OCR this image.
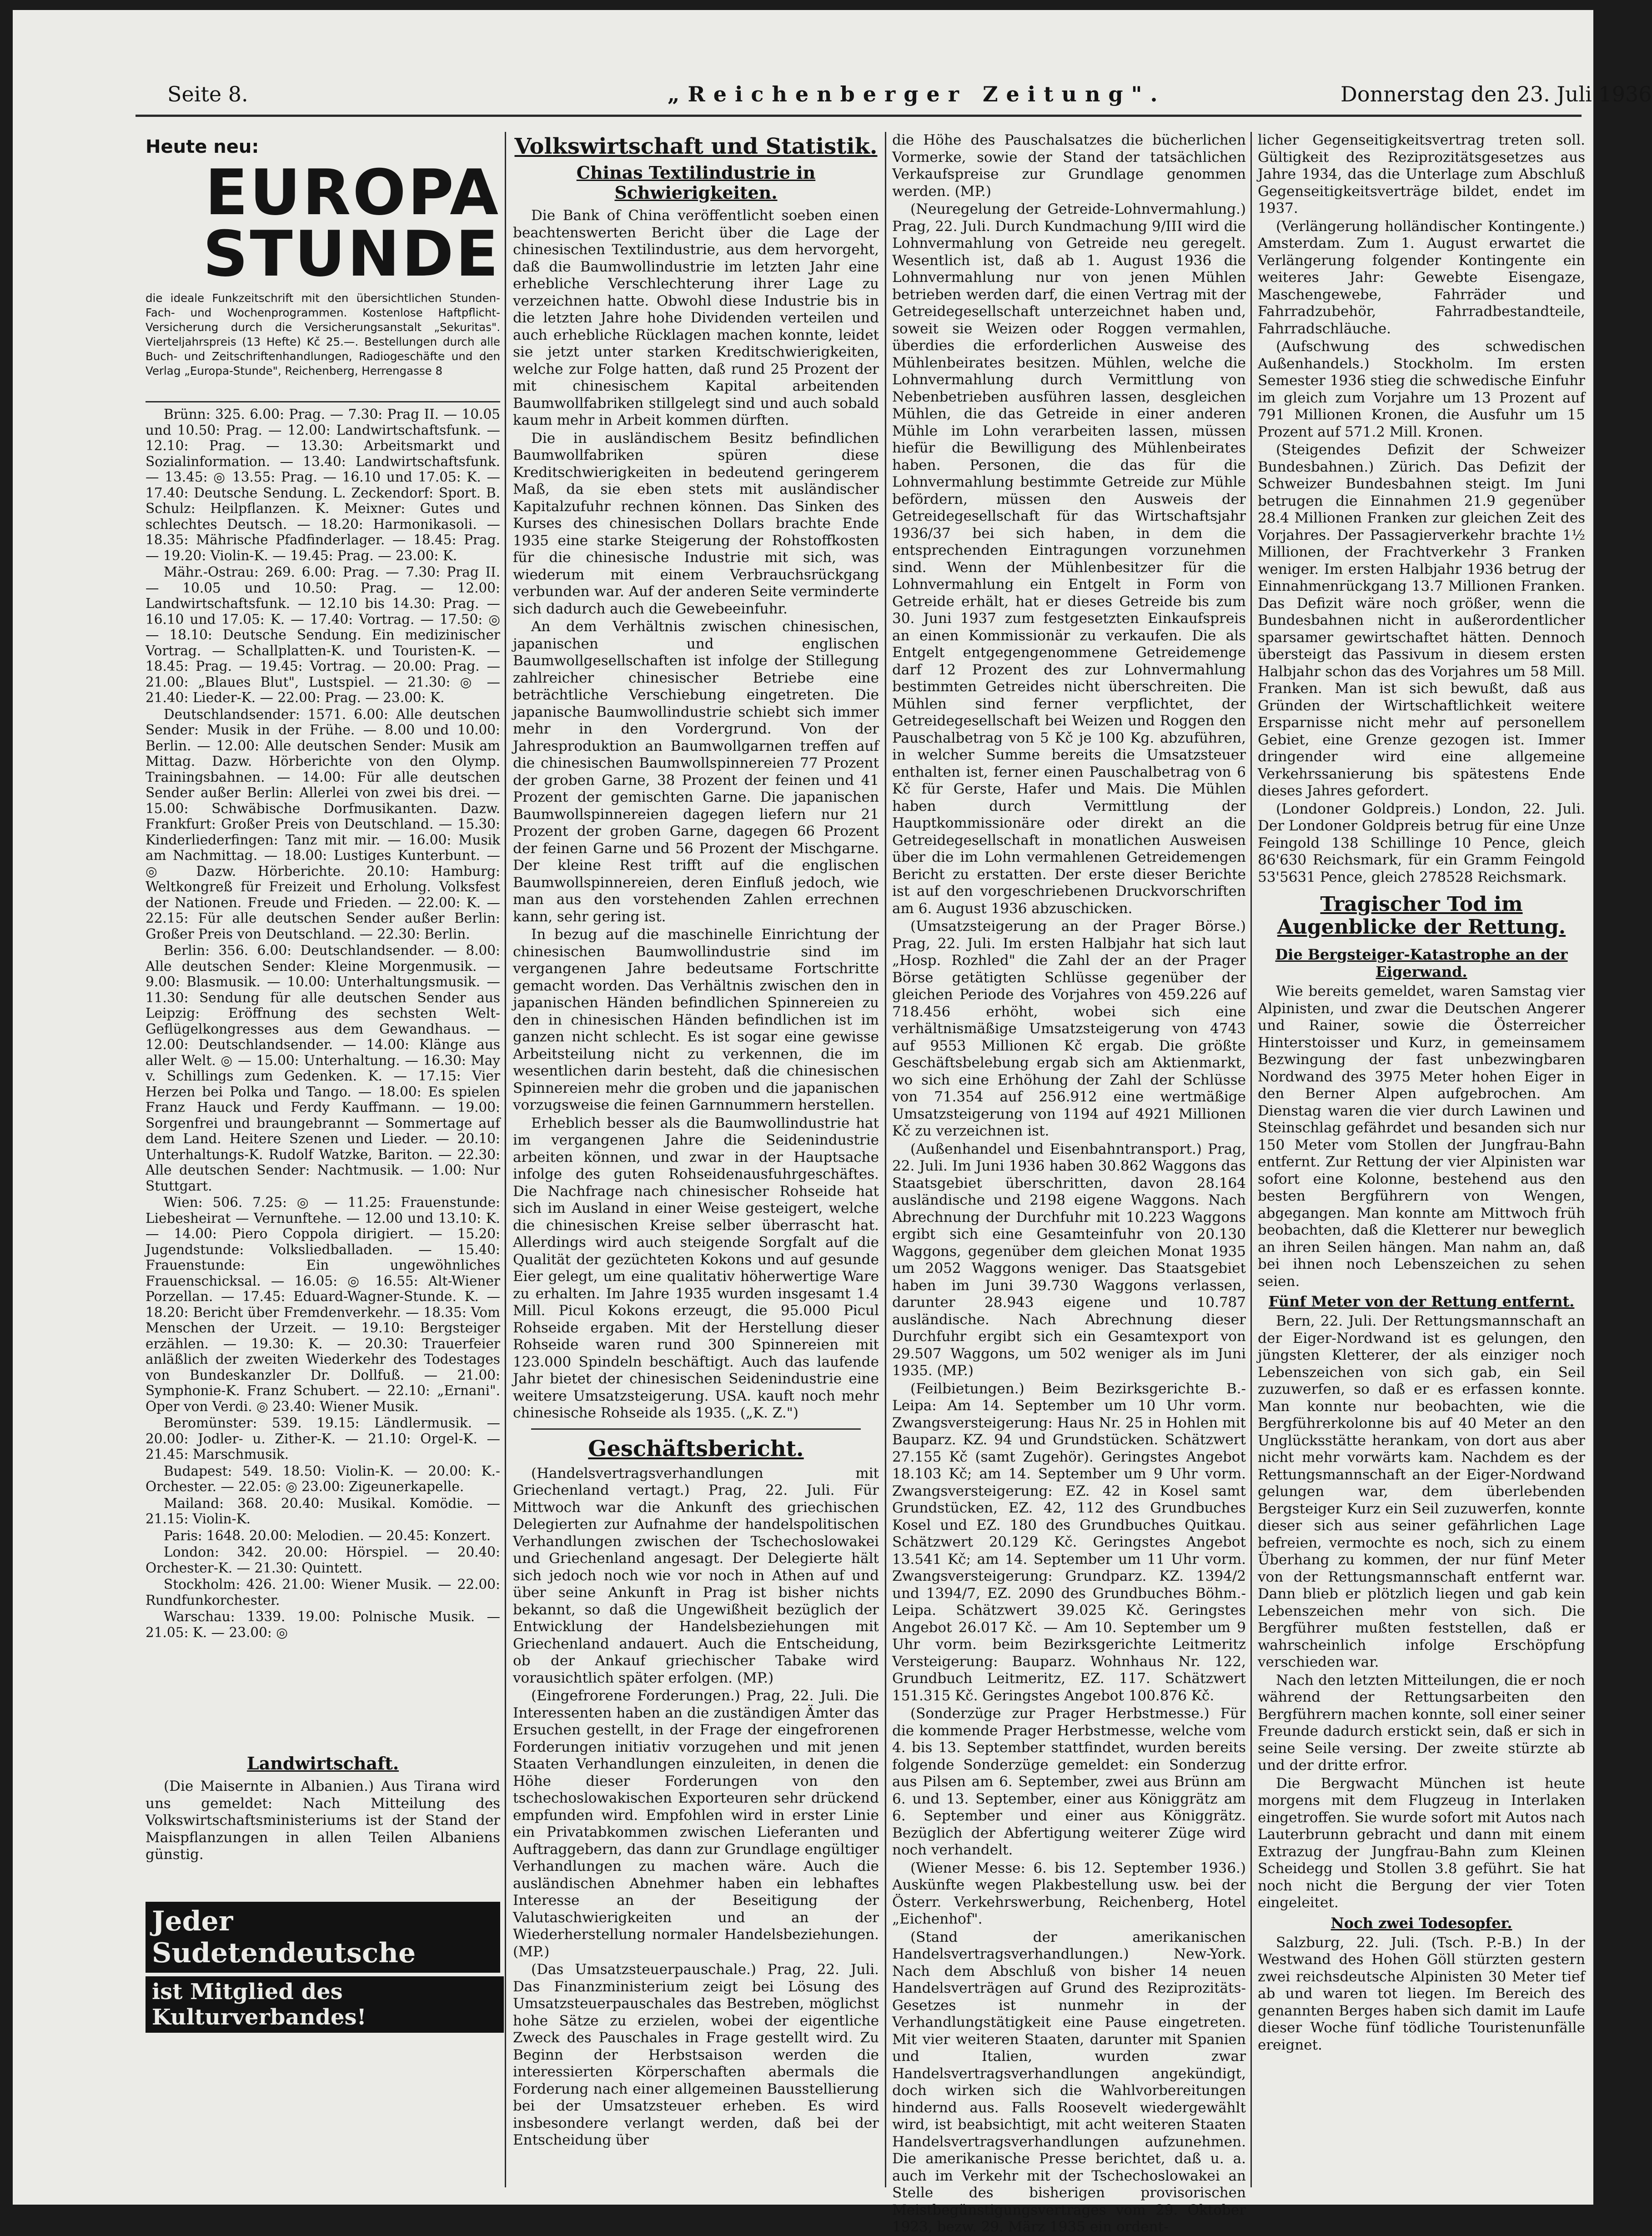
Seite 8.	„Reichenberger Zeitung".	Donnerstag den 23. Juli 1936
Heute neu:
EUROPA
STUNDE
die ideale Funkzeitschrift mit den übersichtlichen Stunden-Fach- und Wochenprogrammen. Kostenlose Haftpflicht-Versicherung durch die Versicherungsanstalt „Sekuritas". Vierteljahrspreis (13 Hefte) Kč 25.—. Bestellungen durch alle Buch- und Zeitschriftenhandlungen, Radiogeschäfte und den Verlag „Europa-Stunde", Reichenberg, Herrengasse 8

Brünn: 325. 6.00: Prag. — 7.30: Prag II. — 10.05 und 10.50: Prag. — 12.00: Landwirtschaftsfunk. — 12.10: Prag. — 13.30: Arbeitsmarkt und Sozialinformation. — 13.40: Landwirtschaftsfunk. — 13.45: ◎ 13.55: Prag. — 16.10 und 17.05: K. — 17.40: Deutsche Sendung. L. Zeckendorf: Sport. B. Schulz: Heilpflanzen. K. Meixner: Gutes und schlechtes Deutsch. — 18.20: Harmonikasoli. — 18.35: Mährische Pfadfinderlager. — 18.45: Prag. — 19.20: Violin-K. — 19.45: Prag. — 23.00: K.

Mähr.-Ostrau: 269. 6.00: Prag. — 7.30: Prag II. — 10.05 und 10.50: Prag. — 12.00: Landwirtschaftsfunk. — 12.10 bis 14.30: Prag. — 16.10 und 17.05: K. — 17.40: Vortrag. — 17.50: ◎ — 18.10: Deutsche Sendung. Ein medizinischer Vortrag. — Schallplatten-K. und Touristen-K. — 18.45: Prag. — 19.45: Vortrag. — 20.00: Prag. — 21.00: „Blaues Blut", Lustspiel. — 21.30: ◎ — 21.40: Lieder-K. — 22.00: Prag. — 23.00: K.

Deutschlandsender: 1571. 6.00: Alle deutschen Sender: Musik in der Frühe. — 8.00 und 10.00: Berlin. — 12.00: Alle deutschen Sender: Musik am Mittag. Dazw. Hörberichte von den Olymp. Trainingsbahnen. — 14.00: Für alle deutschen Sender außer Berlin: Allerlei von zwei bis drei. — 15.00: Schwäbische Dorfmusikanten. Dazw. Frankfurt: Großer Preis von Deutschland. — 15.30: Kinderliederfingen: Tanz mit mir. — 16.00: Musik am Nachmittag. — 18.00: Lustiges Kunterbunt. — ◎ Dazw. Hörberichte. 20.10: Hamburg: Weltkongreß für Freizeit und Erholung. Volksfest der Nationen. Freude und Frieden. — 22.00: K. — 22.15: Für alle deutschen Sender außer Berlin: Großer Preis von Deutschland. — 22.30: Berlin.

Berlin: 356. 6.00: Deutschlandsender. — 8.00: Alle deutschen Sender: Kleine Morgenmusik. — 9.00: Blasmusik. — 10.00: Unterhaltungsmusik. — 11.30: Sendung für alle deutschen Sender aus Leipzig: Eröffnung des sechsten Welt-Geflügelkongresses aus dem Gewandhaus. — 12.00: Deutschlandsender. — 14.00: Klänge aus aller Welt. ◎ — 15.00: Unterhaltung. — 16.30: May v. Schillings zum Gedenken. K. — 17.15: Vier Herzen bei Polka und Tango. — 18.00: Es spielen Franz Hauck und Ferdy Kauffmann. — 19.00: Sorgenfrei und braungebrannt — Sommertage auf dem Land. Heitere Szenen und Lieder. — 20.10: Unterhaltungs-K. Rudolf Watzke, Bariton. — 22.30: Alle deutschen Sender: Nachtmusik. — 1.00: Nur Stuttgart.

Wien: 506. 7.25: ◎ — 11.25: Frauenstunde: Liebesheirat — Vernunftehe. — 12.00 und 13.10: K. — 14.00: Piero Coppola dirigiert. — 15.20: Jugendstunde: Volksliedballaden. — 15.40: Frauenstunde: Ein ungewöhnliches Frauenschicksal. — 16.05: ◎ 16.55: Alt-Wiener Porzellan. — 17.45: Eduard-Wagner-Stunde. K. — 18.20: Bericht über Fremdenverkehr. — 18.35: Vom Menschen der Urzeit. — 19.10: Bergsteiger erzählen. — 19.30: K. — 20.30: Trauerfeier anläßlich der zweiten Wiederkehr des Todestages von Bundeskanzler Dr. Dollfuß. — 21.00: Symphonie-K. Franz Schubert. — 22.10: „Ernani". Oper von Verdi. ◎ 23.40: Wiener Musik.

Beromünster: 539. 19.15: Ländlermusik. — 20.00: Jodler- u. Zither-K. — 21.10: Orgel-K. — 21.45: Marschmusik.

Budapest: 549. 18.50: Violin-K. — 20.00: K.-Orchester. — 22.05: ◎ 23.00: Zigeunerkapelle.

Mailand: 368. 20.40: Musikal. Komödie. — 21.15: Violin-K.

Paris: 1648. 20.00: Melodien. — 20.45: Konzert.

London: 342. 20.00: Hörspiel. — 20.40: Orchester-K. — 21.30: Quintett.

Stockholm: 426. 21.00: Wiener Musik. — 22.00: Rundfunkorchester.

Warschau: 1339. 19.00: Polnische Musik. — 21.05: K. — 23.00: ◎

Landwirtschaft.

(Die Maisernte in Albanien.) Aus Tirana wird uns gemeldet: Nach Mitteilung des Volkswirtschaftsministeriums ist der Stand der Maispflanzungen in allen Teilen Albaniens günstig.

Jeder Sudetendeutsche
ist Mitglied des Kulturverbandes!
Volkswirtschaft und Statistik.
Chinas Textilindustrie in Schwierigkeiten.

Die Bank of China veröffentlicht soeben einen beachtenswerten Bericht über die Lage der chinesischen Textilindustrie, aus dem hervorgeht, daß die Baumwollindustrie im letzten Jahr eine erhebliche Verschlechterung ihrer Lage zu verzeichnen hatte. Obwohl diese Industrie bis in die letzten Jahre hohe Dividenden verteilen und auch erhebliche Rücklagen machen konnte, leidet sie jetzt unter starken Kreditschwierigkeiten, welche zur Folge hatten, daß rund 25 Prozent der mit chinesischem Kapital arbeitenden Baumwollfabriken stillgelegt sind und auch sobald kaum mehr in Arbeit kommen dürften.

Die in ausländischem Besitz befindlichen Baumwollfabriken spüren diese Kreditschwierigkeiten in bedeutend geringerem Maß, da sie eben stets mit ausländischer Kapitalzufuhr rechnen können. Das Sinken des Kurses des chinesischen Dollars brachte Ende 1935 eine starke Steigerung der Rohstoffkosten für die chinesische Industrie mit sich, was wiederum mit einem Verbrauchsrückgang verbunden war. Auf der anderen Seite verminderte sich dadurch auch die Gewebeeinfuhr.

An dem Verhältnis zwischen chinesischen, japanischen und englischen Baumwollgesellschaften ist infolge der Stillegung zahlreicher chinesischer Betriebe eine beträchtliche Verschiebung eingetreten. Die japanische Baumwollindustrie schiebt sich immer mehr in den Vordergrund. Von der Jahresproduktion an Baumwollgarnen treffen auf die chinesischen Baumwollspinnereien 77 Prozent der groben Garne, 38 Prozent der feinen und 41 Prozent der gemischten Garne. Die japanischen Baumwollspinnereien dagegen liefern nur 21 Prozent der groben Garne, dagegen 66 Prozent der feinen Garne und 56 Prozent der Mischgarne. Der kleine Rest trifft auf die englischen Baumwollspinnereien, deren Einfluß jedoch, wie man aus den vorstehenden Zahlen errechnen kann, sehr gering ist.

In bezug auf die maschinelle Einrichtung der chinesischen Baumwollindustrie sind im vergangenen Jahre bedeutsame Fortschritte gemacht worden. Das Verhältnis zwischen den in japanischen Händen befindlichen Spinnereien zu den in chinesischen Händen befindlichen ist im ganzen nicht schlecht. Es ist sogar eine gewisse Arbeitsteilung nicht zu verkennen, die im wesentlichen darin besteht, daß die chinesischen Spinnereien mehr die groben und die japanischen vorzugsweise die feinen Garnnummern herstellen.

Erheblich besser als die Baumwollindustrie hat im vergangenen Jahre die Seidenindustrie arbeiten können, und zwar in der Hauptsache infolge des guten Rohseidenausfuhrgeschäftes. Die Nachfrage nach chinesischer Rohseide hat sich im Ausland in einer Weise gesteigert, welche die chinesischen Kreise selber überrascht hat. Allerdings wird auch steigende Sorgfalt auf die Qualität der gezüchteten Kokons und auf gesunde Eier gelegt, um eine qualitativ höherwertige Ware zu erhalten. Im Jahre 1935 wurden insgesamt 1.4 Mill. Picul Kokons erzeugt, die 95.000 Picul Rohseide ergaben. Mit der Herstellung dieser Rohseide waren rund 300 Spinnereien mit 123.000 Spindeln beschäftigt. Auch das laufende Jahr bietet der chinesischen Seidenindustrie eine weitere Umsatzsteigerung. USA. kauft noch mehr chinesische Rohseide als 1935. („K. Z.")

Geschäftsbericht.

(Handelsvertragsverhandlungen mit Griechenland vertagt.) Prag, 22. Juli. Für Mittwoch war die Ankunft des griechischen Delegierten zur Aufnahme der handelspolitischen Verhandlungen zwischen der Tschechoslowakei und Griechenland angesagt. Der Delegierte hält sich jedoch noch wie vor noch in Athen auf und über seine Ankunft in Prag ist bisher nichts bekannt, so daß die Ungewißheit bezüglich der Entwicklung der Handelsbeziehungen mit Griechenland andauert. Auch die Entscheidung, ob der Ankauf griechischer Tabake wird vorausichtlich später erfolgen. (MP.)

(Eingefrorene Forderungen.) Prag, 22. Juli. Die Interessenten haben an die zuständigen Ämter das Ersuchen gestellt, in der Frage der eingefrorenen Forderungen initiativ vorzugehen und mit jenen Staaten Verhandlungen einzuleiten, in denen die Höhe dieser Forderungen von den tschechoslowakischen Exporteuren sehr drückend empfunden wird. Empfohlen wird in erster Linie ein Privatabkommen zwischen Lieferanten und Auftraggebern, das dann zur Grundlage engültiger Verhandlungen zu machen wäre. Auch die ausländischen Abnehmer haben ein lebhaftes Interesse an der Beseitigung der Valutaschwierigkeiten und an der Wiederherstellung normaler Handelsbeziehungen. (MP.)

(Das Umsatzsteuerpauschale.) Prag, 22. Juli. Das Finanzministerium zeigt bei Lösung des Umsatzsteuerpauschales das Bestreben, möglichst hohe Sätze zu erzielen, wobei der eigentliche Zweck des Pauschales in Frage gestellt wird. Zu Beginn der Herbstsaison werden die interessierten Körperschaften abermals die Forderung nach einer allgemeinen Bausstellierung bei der Umsatzsteuer erheben. Es wird insbesondere verlangt werden, daß bei der Entscheidung über

die Höhe des Pauschalsatzes die bücherlichen Vormerke, sowie der Stand der tatsächlichen Verkaufspreise zur Grundlage genommen werden. (MP.)

(Neuregelung der Getreide-Lohnvermahlung.) Prag, 22. Juli. Durch Kundmachung 9/III wird die Lohnvermahlung von Getreide neu geregelt. Wesentlich ist, daß ab 1. August 1936 die Lohnvermahlung nur von jenen Mühlen betrieben werden darf, die einen Vertrag mit der Getreidegesellschaft unterzeichnet haben und, soweit sie Weizen oder Roggen vermahlen, überdies die erforderlichen Ausweise des Mühlenbeirates besitzen. Mühlen, welche die Lohnvermahlung durch Vermittlung von Nebenbetrieben ausführen lassen, desgleichen Mühlen, die das Getreide in einer anderen Mühle im Lohn verarbeiten lassen, müssen hiefür die Bewilligung des Mühlenbeirates haben. Personen, die das für die Lohnvermahlung bestimmte Getreide zur Mühle befördern, müssen den Ausweis der Getreidegesellschaft für das Wirtschaftsjahr 1936/37 bei sich haben, in dem die entsprechenden Eintragungen vorzunehmen sind. Wenn der Mühlenbesitzer für die Lohnvermahlung ein Entgelt in Form von Getreide erhält, hat er dieses Getreide bis zum 30. Juni 1937 zum festgesetzten Einkaufspreis an einen Kommissionär zu verkaufen. Die als Entgelt entgegengenommene Getreidemenge darf 12 Prozent des zur Lohnvermahlung bestimmten Getreides nicht überschreiten. Die Mühlen sind ferner verpflichtet, der Getreidegesellschaft bei Weizen und Roggen den Pauschalbetrag von 5 Kč je 100 Kg. abzuführen, in welcher Summe bereits die Umsatzsteuer enthalten ist, ferner einen Pauschalbetrag von 6 Kč für Gerste, Hafer und Mais. Die Mühlen haben durch Vermittlung der Hauptkommissionäre oder direkt an die Getreidegesellschaft in monatlichen Ausweisen über die im Lohn vermahlenen Getreidemengen Bericht zu erstatten. Der erste dieser Berichte ist auf den vorgeschriebenen Druckvorschriften am 6. August 1936 abzuschicken.

(Umsatzsteigerung an der Prager Börse.) Prag, 22. Juli. Im ersten Halbjahr hat sich laut „Hosp. Rozhled" die Zahl der an der Prager Börse getätigten Schlüsse gegenüber der gleichen Periode des Vorjahres von 459.226 auf 718.456 erhöht, wobei sich eine verhältnismäßige Umsatzsteigerung von 4743 auf 9553 Millionen Kč ergab. Die größte Geschäftsbelebung ergab sich am Aktienmarkt, wo sich eine Erhöhung der Zahl der Schlüsse von 71.354 auf 256.912 eine wertmäßige Umsatzsteigerung von 1194 auf 4921 Millionen Kč zu verzeichnen ist.

(Außenhandel und Eisenbahntransport.) Prag, 22. Juli. Im Juni 1936 haben 30.862 Waggons das Staatsgebiet überschritten, davon 28.164 ausländische und 2198 eigene Waggons. Nach Abrechnung der Durchfuhr mit 10.223 Waggons ergibt sich eine Gesamteinfuhr von 20.130 Waggons, gegenüber dem gleichen Monat 1935 um 2052 Waggons weniger. Das Staatsgebiet haben im Juni 39.730 Waggons verlassen, darunter 28.943 eigene und 10.787 ausländische. Nach Abrechnung dieser Durchfuhr ergibt sich ein Gesamtexport von 29.507 Waggons, um 502 weniger als im Juni 1935. (MP.)

(Feilbietungen.) Beim Bezirksgerichte B.-Leipa: Am 14. September um 10 Uhr vorm. Zwangsversteigerung: Haus Nr. 25 in Hohlen mit Bauparz. KZ. 94 und Grundstücken. Schätzwert 27.155 Kč (samt Zugehör). Geringstes Angebot 18.103 Kč; am 14. September um 9 Uhr vorm. Zwangsversteigerung: EZ. 42 in Kosel samt Grundstücken, EZ. 42, 112 des Grundbuches Kosel und EZ. 180 des Grundbuches Quitkau. Schätzwert 20.129 Kč. Geringstes Angebot 13.541 Kč; am 14. September um 11 Uhr vorm. Zwangsversteigerung: Grundparz. KZ. 1394/2 und 1394/7, EZ. 2090 des Grundbuches Böhm.-Leipa. Schätzwert 39.025 Kč. Geringstes Angebot 26.017 Kč. — Am 10. September um 9 Uhr vorm. beim Bezirksgerichte Leitmeritz Versteigerung: Bauparz. Wohnhaus Nr. 122, Grundbuch Leitmeritz, EZ. 117. Schätzwert 151.315 Kč. Geringstes Angebot 100.876 Kč.

(Sonderzüge zur Prager Herbstmesse.) Für die kommende Prager Herbstmesse, welche vom 4. bis 13. September stattfindet, wurden bereits folgende Sonderzüge gemeldet: ein Sonderzug aus Pilsen am 6. September, zwei aus Brünn am 6. und 13. September, einer aus Königgrätz am 6. September und einer aus Königgrätz. Bezüglich der Abfertigung weiterer Züge wird noch verhandelt.

(Wiener Messe: 6. bis 12. September 1936.) Auskünfte wegen Plakbestellung usw. bei der Österr. Verkehrswerbung, Reichenberg, Hotel „Eichenhof".

(Stand der amerikanischen Handelsvertragsverhandlungen.) New-York. Nach dem Abschluß von bisher 14 neuen Handelsverträgen auf Grund des Reziprozitäts-Gesetzes ist nunmehr in der Verhandlungstätigkeit eine Pause eingetreten. Mit vier weiteren Staaten, darunter mit Spanien und Italien, wurden zwar Handelsvertragsverhandlungen angekündigt, doch wirken sich die Wahlvorbereitungen hindernd aus. Falls Roosevelt wiedergewählt wird, ist beabsichtigt, mit acht weiteren Staaten Handelsvertragsverhandlungen aufzunehmen. Die amerikanische Presse berichtet, daß u. a. auch im Verkehr mit der Tschechoslowakei an Stelle des bisherigen provisorischen Meistbegünstigungsvertrages vom 29. Oktober 1923, bezw. 29. März 1935 ein ordent-

licher Gegenseitigkeitsvertrag treten soll. Gültigkeit des Reziprozitätsgesetzes aus Jahre 1934, das die Unterlage zum Abschluß Gegenseitigkeitsverträge bildet, endet im 1937.

(Verlängerung holländischer Kontingente.) Amsterdam. Zum 1. August erwartet die Verlängerung folgender Kontingente ein weiteres Jahr: Gewebte Eisengaze, Maschengewebe, Fahrräder und Fahrradzubehör, Fahrradbestandteile, Fahrradschläuche.

(Aufschwung des schwedischen Außenhandels.) Stockholm. Im ersten Semester 1936 stieg die schwedische Einfuhr im gleich zum Vorjahre um 13 Prozent auf 791 Millionen Kronen, die Ausfuhr um 15 Prozent auf 571.2 Mill. Kronen.

(Steigendes Defizit der Schweizer Bundesbahnen.) Zürich. Das Defizit der Schweizer Bundesbahnen steigt. Im Juni betrugen die Einnahmen 21.9 gegenüber 28.4 Millionen Franken zur gleichen Zeit des Vorjahres. Der Passagierverkehr brachte 1½ Millionen, der Frachtverkehr 3 Franken weniger. Im ersten Halbjahr 1936 betrug der Einnahmenrückgang 13.7 Millionen Franken. Das Defizit wäre noch größer, wenn die Bundesbahnen nicht in außerordentlicher sparsamer gewirtschaftet hätten. Dennoch übersteigt das Passivum in diesem ersten Halbjahr schon das des Vorjahres um 58 Mill. Franken. Man ist sich bewußt, daß aus Gründen der Wirtschaftlichkeit weitere Ersparnisse nicht mehr auf personellem Gebiet, eine Grenze gezogen ist. Immer dringender wird eine allgemeine Verkehrssanierung bis spätestens Ende dieses Jahres gefordert.

(Londoner Goldpreis.) London, 22. Juli. Der Londoner Goldpreis betrug für eine Unze Feingold 138 Schillinge 10 Pence, gleich 86'630 Reichsmark, für ein Gramm Feingold 53'5631 Pence, gleich 278528 Reichsmark.

Tragischer Tod im Augenblicke der Rettung.
Die Bergsteiger-Katastrophe an der Eigerwand.

Wie bereits gemeldet, waren Samstag vier Alpinisten, und zwar die Deutschen Angerer und Rainer, sowie die Österreicher Hinterstoisser und Kurz, in gemeinsamem Bezwingung der fast unbezwingbaren Nordwand des 3975 Meter hohen Eiger in den Berner Alpen aufgebrochen. Am Dienstag waren die vier durch Lawinen und Steinschlag gefährdet und besanden sich nur 150 Meter vom Stollen der Jungfrau-Bahn entfernt. Zur Rettung der vier Alpinisten war sofort eine Kolonne, bestehend aus den besten Bergführern von Wengen, abgegangen. Man konnte am Mittwoch früh beobachten, daß die Kletterer nur beweglich an ihren Seilen hängen. Man nahm an, daß bei ihnen noch Lebenszeichen zu sehen seien.

Fünf Meter von der Rettung entfernt.

Bern, 22. Juli. Der Rettungsmannschaft an der Eiger-Nordwand ist es gelungen, den jüngsten Kletterer, der als einziger noch Lebenszeichen von sich gab, ein Seil zuzuwerfen, so daß er es erfassen konnte. Man konnte nur beobachten, wie die Bergführerkolonne bis auf 40 Meter an den Unglücksstätte herankam, von dort aus aber nicht mehr vorwärts kam. Nachdem es der Rettungsmannschaft an der Eiger-Nordwand gelungen war, dem überlebenden Bergsteiger Kurz ein Seil zuzuwerfen, konnte dieser sich aus seiner gefährlichen Lage befreien, vermochte es noch, sich zu einem Überhang zu kommen, der nur fünf Meter von der Rettungsmannschaft entfernt war. Dann blieb er plötzlich liegen und gab kein Lebenszeichen mehr von sich. Die Bergführer mußten feststellen, daß er wahrscheinlich infolge Erschöpfung verschieden war.

Nach den letzten Mitteilungen, die er noch während der Rettungsarbeiten den Bergführern machen konnte, soll einer seiner Freunde dadurch erstickt sein, daß er sich in seine Seile versing. Der zweite stürzte ab und der dritte erfror.

Die Bergwacht München ist heute morgens mit dem Flugzeug in Interlaken eingetroffen. Sie wurde sofort mit Autos nach Lauterbrunn gebracht und dann mit einem Extrazug der Jungfrau-Bahn zum Kleinen Scheidegg und Stollen 3.8 geführt. Sie hat noch nicht die Bergung der vier Toten eingeleitet.

Noch zwei Todesopfer.

Salzburg, 22. Juli. (Tsch. P.-B.) In der Westwand des Hohen Göll stürzten gestern zwei reichsdeutsche Alpinisten 30 Meter tief ab und waren tot liegen. Im Bereich des genannten Berges haben sich damit im Laufe dieser Woche fünf tödliche Touristenunfälle ereignet.
